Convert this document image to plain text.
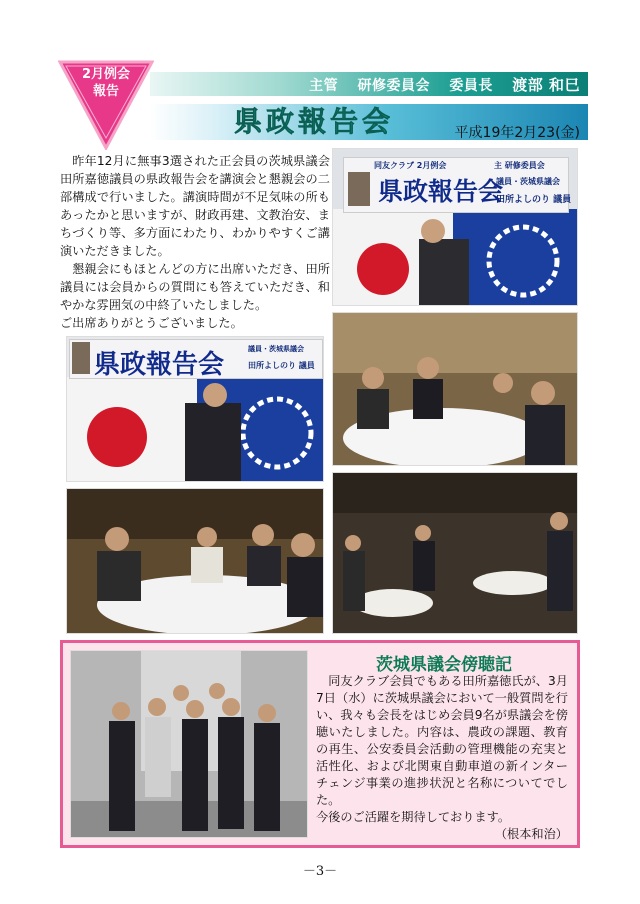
主管 研修委員会 委員長 渡部 和巳
2月例会
報告
県政報告会	平成19年2月23(金)

昨年12月に無事3選された正会員の茨城県議会 田所嘉徳議員の県政報告会を講演会と懇親会の二部構成で行いました。講演時間が不足気味の所もあったかと思いますが、財政再建、文教治安、まちづくり等、多方面にわたり、わかりやすくご講演いただきました。

懇親会にもほとんどの方に出席いただき、田所議員には会員からの質問にも答えていただき、和やかな雰囲気の中終了いたしました。

ご出席ありがとうございました。

同友クラブ 2月例会	主 研修委員会
県政報告会
議員・茨城県議会
田所よしのり 議員
県政報告会
議員・茨城県議会
田所よしのり 議員
茨城県議会傍聴記

同友クラブ会員でもある田所嘉徳氏が、3月7日（水）に茨城県議会において一般質問を行い、我々も会長をはじめ会員9名が県議会を傍聴いたしました。内容は、農政の課題、教育の再生、公安委員会活動の管理機能の充実と活性化、および北関東自動車道の新インターチェンジ事業の進捗状況と名称についてでした。

今後のご活躍を期待しております。

（根本和治）

－3－
